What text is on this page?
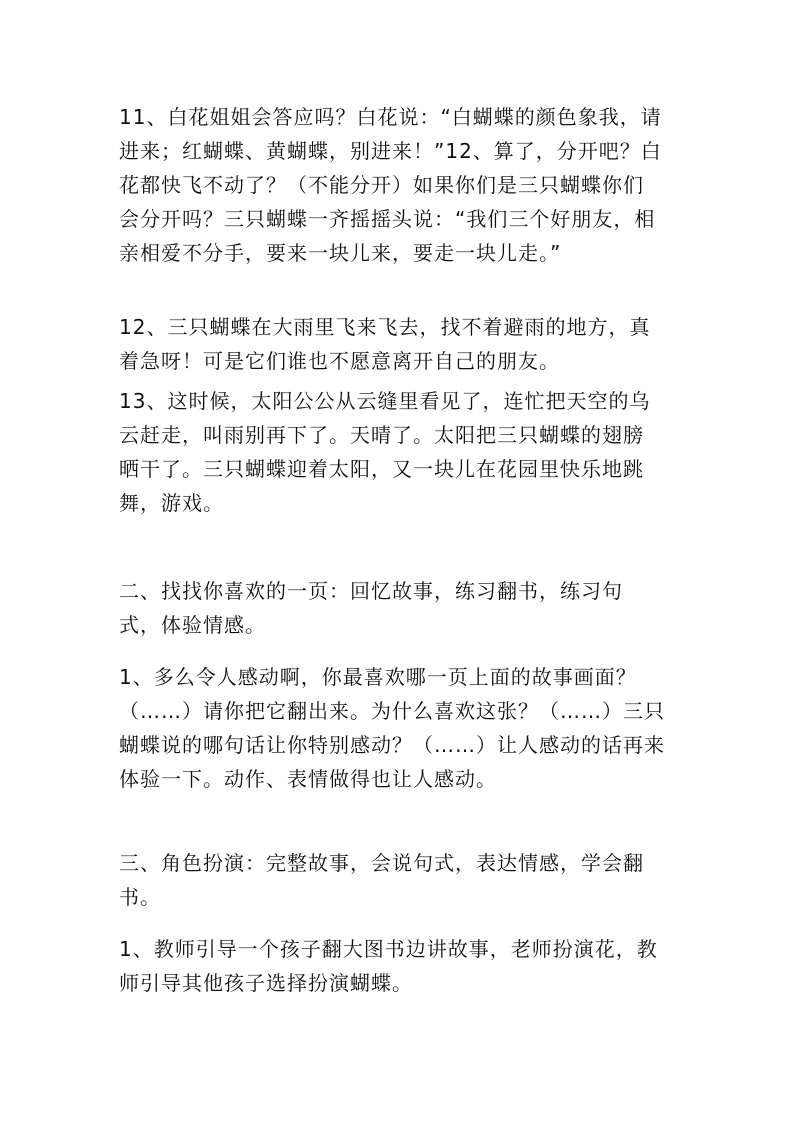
11、白花姐姐会答应吗？白花说：“白蝴蝶的颜色象我，请
进来；红蝴蝶、黄蝴蝶，别进来！”12、算了，分开吧？白
花都快飞不动了？（不能分开）如果你们是三只蝴蝶你们
会分开吗？三只蝴蝶一齐摇摇头说：“我们三个好朋友，相
亲相爱不分手，要来一块儿来，要走一块儿走。”

12、三只蝴蝶在大雨里飞来飞去，找不着避雨的地方，真
着急呀！可是它们谁也不愿意离开自己的朋友。

13、这时候，太阳公公从云缝里看见了，连忙把天空的乌
云赶走，叫雨别再下了。天晴了。太阳把三只蝴蝶的翅膀
晒干了。三只蝴蝶迎着太阳，又一块儿在花园里快乐地跳
舞，游戏。

二、找找你喜欢的一页：回忆故事，练习翻书，练习句
式，体验情感。

1、多么令人感动啊，你最喜欢哪一页上面的故事画面？
（……）请你把它翻出来。为什么喜欢这张？（……）三只
蝴蝶说的哪句话让你特别感动？（……）让人感动的话再来
体验一下。动作、表情做得也让人感动。

三、角色扮演：完整故事，会说句式，表达情感，学会翻
书。

1、教师引导一个孩子翻大图书边讲故事，老师扮演花，教
师引导其他孩子选择扮演蝴蝶。
